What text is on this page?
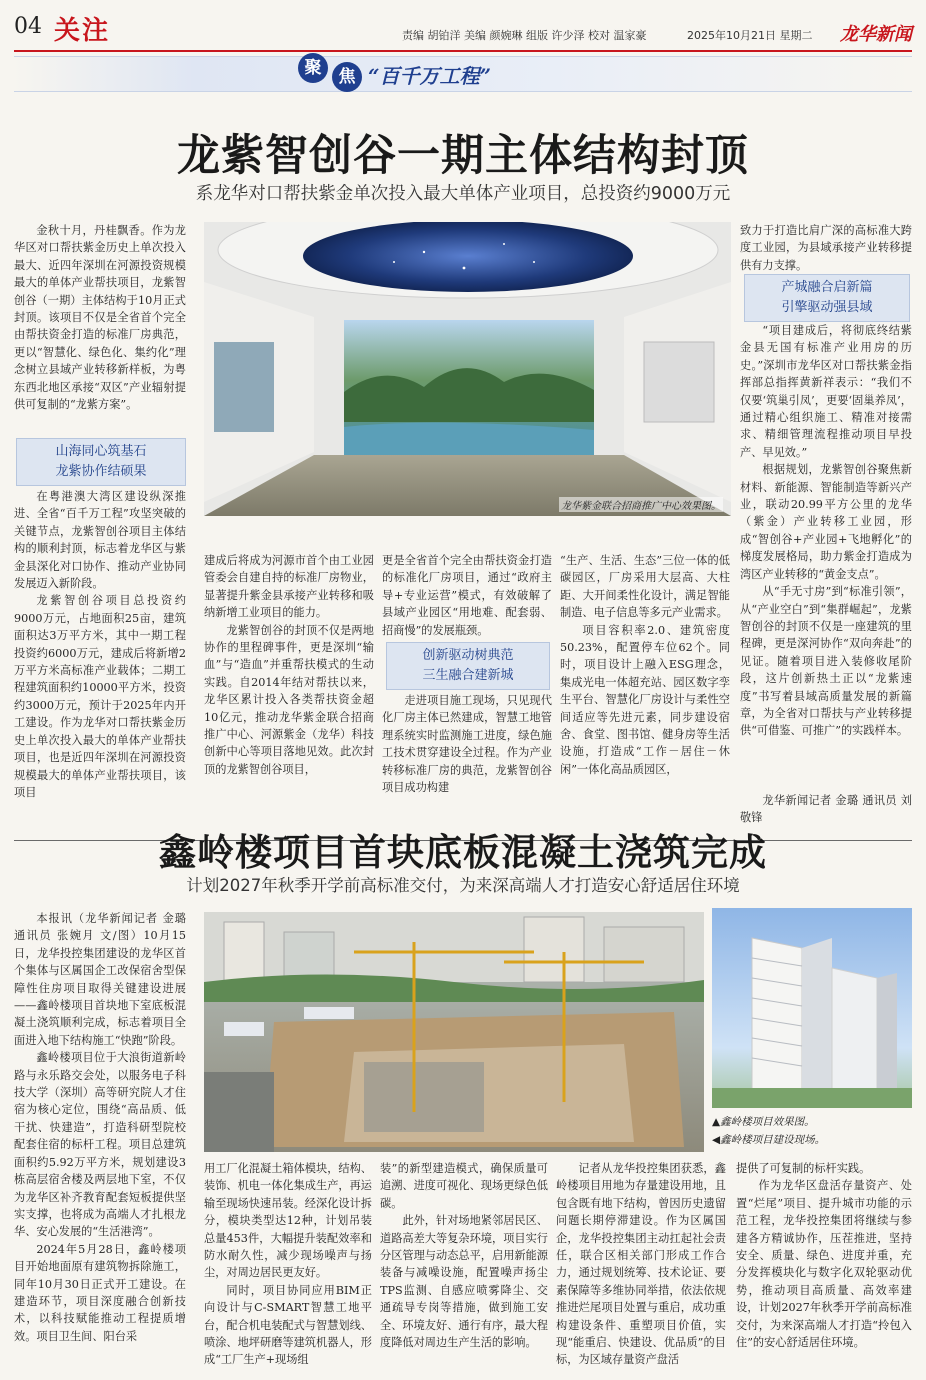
04 关注	责编 胡铂洋 美编 颜婉琳 组版 许少泽 校对 温家豪	2025年10月21日 星期二 龙华新闻
聚	焦 “百千万工程”
龙紫智创谷一期主体结构封顶
系龙华对口帮扶紫金单次投入最大单体产业项目，总投资约9000万元
龙华紫金联合招商推广中心效果图。

金秋十月，丹桂飘香。作为龙华区对口帮扶紫金历史上单次投入最大、近四年深圳在河源投资规模最大的单体产业帮扶项目，龙紫智创谷（一期）主体结构于10月正式封顶。该项目不仅是全省首个完全由帮扶资金打造的标准厂房典范，更以“智慧化、绿色化、集约化”理念树立县域产业转移新样板，为粤东西北地区承接“双区”产业辐射提供可复制的“龙紫方案”。

山海同心筑基石
龙紫协作结硕果

在粤港澳大湾区建设纵深推进、全省“百千万工程”攻坚突破的关键节点，龙紫智创谷项目主体结构的顺利封顶，标志着龙华区与紫金县深化对口协作、推动产业协同发展迈入新阶段。

龙紫智创谷项目总投资约9000万元，占地面积25亩，建筑面积达3万平方米，其中一期工程投资约6000万元，建成后将新增2万平方米高标准产业载体；二期工程建筑面积约10000平方米，投资约3000万元，预计于2025年内开工建设。作为龙华对口帮扶紫金历史上单次投入最大的单体产业帮扶项目，也是近四年深圳在河源投资规模最大的单体产业帮扶项目，该项目

建成后将成为河源市首个由工业园管委会自建自持的标准厂房物业，显著提升紫金县承接产业转移和吸纳新增工业项目的能力。

龙紫智创谷的封顶不仅是两地协作的里程碑事件，更是深圳“输血”与“造血”并重帮扶模式的生动实践。自2014年结对帮扶以来，龙华区累计投入各类帮扶资金超10亿元，推动龙华紫金联合招商推广中心、河源紫金（龙华）科技创新中心等项目落地见效。此次封顶的龙紫智创谷项目，

更是全省首个完全由帮扶资金打造的标准化厂房项目，通过“政府主导+专业运营”模式，有效破解了县域产业园区“用地难、配套弱、招商慢”的发展瓶颈。

创新驱动树典范
三生融合建新城

走进项目施工现场，只见现代化厂房主体已然建成，智慧工地管理系统实时监测施工进度，绿色施工技术贯穿建设全过程。作为产业转移标准厂房的典范，龙紫智创谷项目成功构建

“生产、生活、生态”三位一体的低碳园区，厂房采用大层高、大柱距、大开间柔性化设计，满足智能制造、电子信息等多元产业需求。

项目容积率2.0、建筑密度50.23%，配置停车位62个。同时，项目设计上融入ESG理念，集成光电一体超充站、园区数字孪生平台、智慧化厂房设计与柔性空间适应等先进元素，同步建设宿舍、食堂、图书馆、健身房等生活设施，打造成“工作－居住－休闲”一体化高品质园区，

致力于打造比肩广深的高标准大跨度工业园，为县域承接产业转移提供有力支撑。

产城融合启新篇
引擎驱动强县域

“项目建成后，将彻底终结紫金县无国有标准产业用房的历史。”深圳市龙华区对口帮扶紫金指挥部总指挥黄新祥表示：“我们不仅要‘筑巢引凤’，更要‘固巢养凤’，通过精心组织施工、精准对接需求、精细管理流程推动项目早投产、早见效。”

根据规划，龙紫智创谷聚焦新材料、新能源、智能制造等新兴产业，联动20.99平方公里的龙华（紫金）产业转移工业园，形成“智创谷+产业园+飞地孵化”的梯度发展格局，助力紫金打造成为湾区产业转移的“黄金支点”。

从“手无寸房”到“标准引领”，从“产业空白”到“集群崛起”，龙紫智创谷的封顶不仅是一座建筑的里程碑，更是深河协作“双向奔赴”的见证。随着项目进入装修收尾阶段，这片创新热土正以“龙紫速度”书写着县域高质量发展的新篇章，为全省对口帮扶与产业转移提供“可借鉴、可推广”的实践样本。

龙华新闻记者 金璐 通讯员 刘敬锋

鑫岭楼项目首块底板混凝土浇筑完成
计划2027年秋季开学前高标准交付，为来深高端人才打造安心舒适居住环境
▲鑫岭楼项目效果图。
◀鑫岭楼项目建设现场。

本报讯（龙华新闻记者 金璐 通讯员 张婉月 文/图）10月15日，龙华投控集团建设的龙华区首个集体与区属国企工改保宿舍型保障性住房项目取得关键建设进展——鑫岭楼项目首块地下室底板混凝土浇筑顺利完成，标志着项目全面进入地下结构施工“快跑”阶段。

鑫岭楼项目位于大浪街道新岭路与永乐路交会处，以服务电子科技大学（深圳）高等研究院人才住宿为核心定位，围绕“高品质、低干扰、快建造”，打造科研型院校配套住宿的标杆工程。项目总建筑面积约5.92万平方米，规划建设3栋高层宿舍楼及两层地下室，不仅为龙华区补齐教育配套短板提供坚实支撑，也将成为高端人才扎根龙华、安心发展的“生活港湾”。

2024年5月28日，鑫岭楼项目开始地面原有建筑物拆除施工，同年10月30日正式开工建设。在建造环节，项目深度融合创新技术，以科技赋能推动工程提质增效。项目卫生间、阳台采

用工厂化混凝土箱体模块，结构、装饰、机电一体化集成生产，再运输至现场快速吊装。经深化设计拆分，模块类型达12种，计划吊装总量453件，大幅提升装配效率和防水耐久性，减少现场噪声与扬尘，对周边居民更友好。

同时，项目协同应用BIM正向设计与C-SMART智慧工地平台，配合机电装配式与智慧划线、喷涂、地坪研磨等建筑机器人，形成“工厂生产+现场组

装”的新型建造模式，确保质量可追溯、进度可视化、现场更绿色低碳。

此外，针对场地紧邻居民区、道路高差大等复杂环境，项目实行分区管理与动态总平，启用新能源装备与减噪设施，配置噪声扬尘TPS监测、自感应喷雾降尘、交通疏导专岗等措施，做到施工安全、环境友好、通行有序，最大程度降低对周边生产生活的影响。

记者从龙华投控集团获悉，鑫岭楼项目用地为存量建设用地，且包含既有地下结构，曾因历史遗留问题长期停滞建设。作为区属国企，龙华投控集团主动扛起社会责任，联合区相关部门形成工作合力，通过规划统筹、技术论证、要素保障等多维协同举措，依法依规推进烂尾项目处置与重启，成功重构建设条件、重塑项目价值，实现“能重启、快建设、优品质”的目标，为区域存量资产盘活

提供了可复制的标杆实践。

作为龙华区盘活存量资产、处置“烂尾”项目、提升城市功能的示范工程，龙华投控集团将继续与参建各方精诚协作，压茬推进，坚持安全、质量、绿色、进度并重，充分发挥模块化与数字化双轮驱动优势，推动项目高质量、高效率建设，计划2027年秋季开学前高标准交付，为来深高端人才打造“拎包入住”的安心舒适居住环境。
